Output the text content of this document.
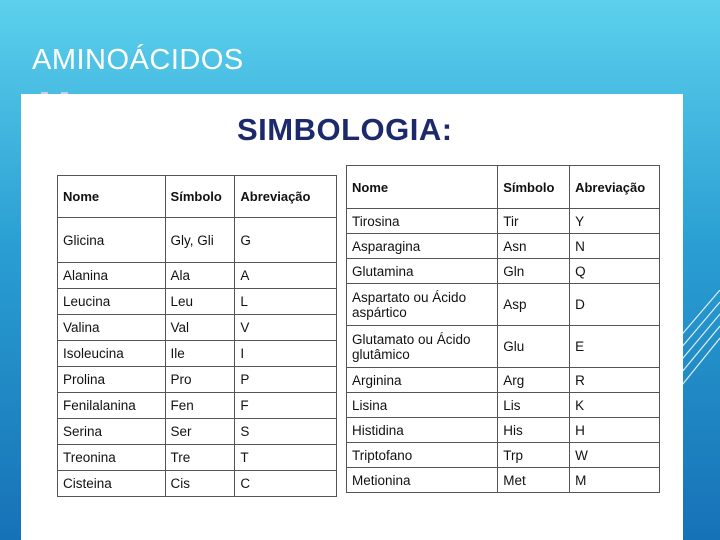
AMINOÁCIDOS
SIMBOLOGIA:
Nome	Símbolo	Abreviação
Glicina	Gly, Gli	G
Alanina	Ala	A
Leucina	Leu	L
Valina	Val	V
Isoleucina	Ile	I
Prolina	Pro	P
Fenilalanina	Fen	F
Serina	Ser	S
Treonina	Tre	T
Cisteina	Cis	C
Nome	Símbolo	Abreviação
Tirosina	Tir	Y
Asparagina	Asn	N
Glutamina	Gln	Q
Aspartato ou Ácido aspártico	Asp	D
Glutamato ou Ácido glutâmico	Glu	E
Arginina	Arg	R
Lisina	Lis	K
Histidina	His	H
Triptofano	Trp	W
Metionina	Met	M
